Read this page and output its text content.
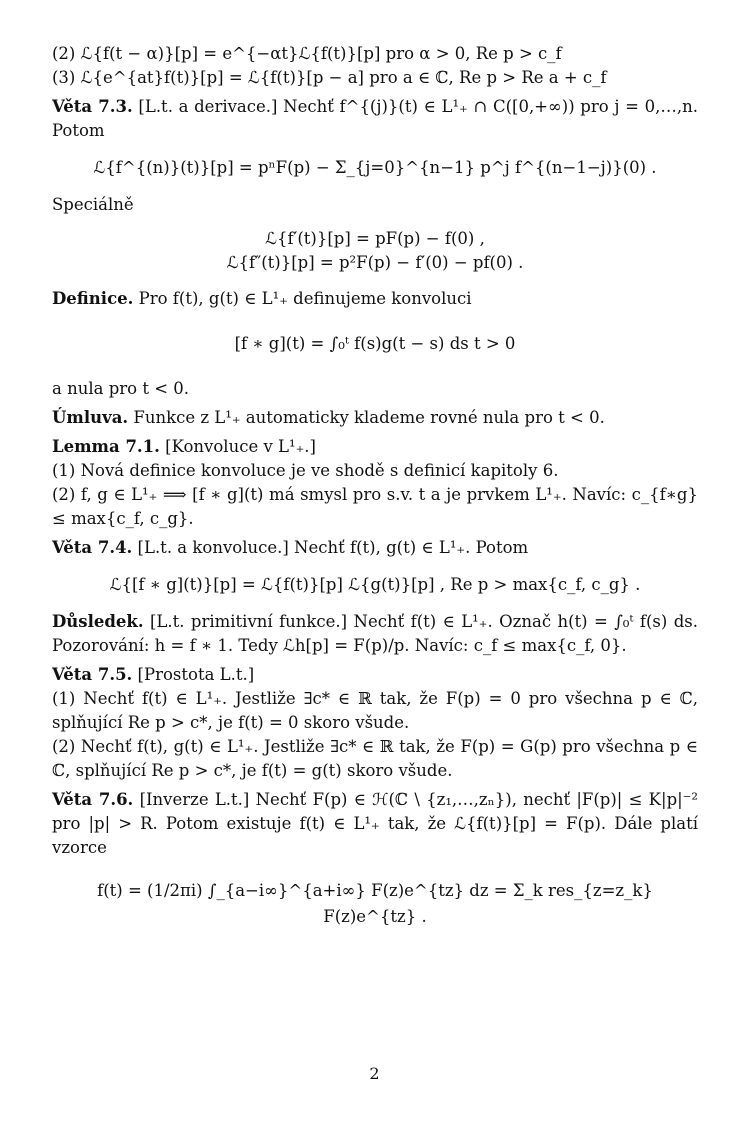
(2) ℒ{f(t − α)}[p] = e^{−αt}ℒ{f(t)}[p] pro α > 0, Re p > c_f

(3) ℒ{e^{at}f(t)}[p] = ℒ{f(t)}[p − a] pro a ∈ ℂ, Re p > Re a + c_f

Věta 7.3. [L.t. a derivace.] Nechť f^{(j)}(t) ∈ L¹₊ ∩ C([0,+∞)) pro j = 0,…,n. Potom

ℒ{f^{(n)}(t)}[p] = pⁿF(p) − Σ_{j=0}^{n−1} p^j f^{(n−1−j)}(0) .

Speciálně

ℒ{f′(t)}[p] = pF(p) − f(0) ,
ℒ{f″(t)}[p] = p²F(p) − f′(0) − pf(0) .

Definice. Pro f(t), g(t) ∈ L¹₊ definujeme konvoluci

[f ∗ g](t) = ∫₀ᵗ f(s)g(t − s) ds t > 0

a nula pro t < 0.

Úmluva. Funkce z L¹₊ automaticky klademe rovné nula pro t < 0.

Lemma 7.1. [Konvoluce v L¹₊.]

(1) Nová definice konvoluce je ve shodě s definicí kapitoly 6.

(2) f, g ∈ L¹₊ ⟹ [f ∗ g](t) má smysl pro s.v. t a je prvkem L¹₊. Navíc: c_{f∗g} ≤ max{c_f, c_g}.

Věta 7.4. [L.t. a konvoluce.] Nechť f(t), g(t) ∈ L¹₊. Potom

ℒ{[f ∗ g](t)}[p] = ℒ{f(t)}[p] ℒ{g(t)}[p] , Re p > max{c_f, c_g} .

Důsledek. [L.t. primitivní funkce.] Nechť f(t) ∈ L¹₊. Označ h(t) = ∫₀ᵗ f(s) ds. Pozorování: h = f ∗ 1. Tedy ℒh[p] = F(p)/p. Navíc: c_f ≤ max{c_f, 0}.

Věta 7.5. [Prostota L.t.]

(1) Nechť f(t) ∈ L¹₊. Jestliže ∃c* ∈ ℝ tak, že F(p) = 0 pro všechna p ∈ ℂ, splňující Re p > c*, je f(t) = 0 skoro všude.

(2) Nechť f(t), g(t) ∈ L¹₊. Jestliže ∃c* ∈ ℝ tak, že F(p) = G(p) pro všechna p ∈ ℂ, splňující Re p > c*, je f(t) = g(t) skoro všude.

Věta 7.6. [Inverze L.t.] Nechť F(p) ∈ ℋ(ℂ \ {z₁,…,zₙ}), nechť |F(p)| ≤ K|p|⁻² pro |p| > R. Potom existuje f(t) ∈ L¹₊ tak, že ℒ{f(t)}[p] = F(p). Dále platí vzorce

f(t) = (1/2πi) ∫_{a−i∞}^{a+i∞} F(z)e^{tz} dz = Σ_k res_{z=z_k} F(z)e^{tz} .
2
